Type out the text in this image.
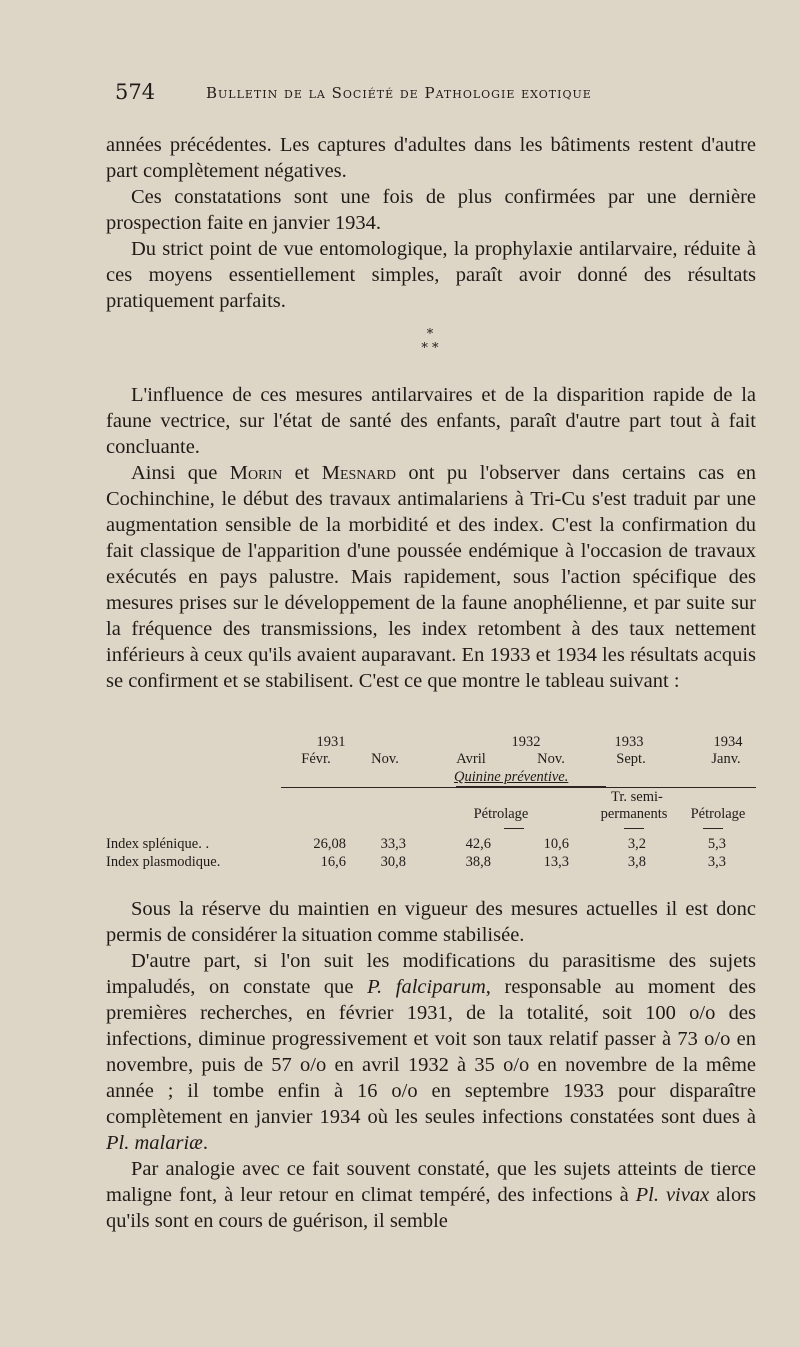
574	Bulletin de la Société de Pathologie exotique

années précédentes. Les captures d'adultes dans les bâtiments restent d'autre part complètement négatives.

Ces constatations sont une fois de plus confirmées par une dernière prospection faite en janvier 1934.

Du strict point de vue entomologique, la prophylaxie antilarvaire, réduite à ces moyens essentiellement simples, paraît avoir donné des résultats pratiquement parfaits.

*
* *

L'influence de ces mesures antilarvaires et de la disparition rapide de la faune vectrice, sur l'état de santé des enfants, paraît d'autre part tout à fait concluante.

Ainsi que Morin et Mesnard ont pu l'observer dans certains cas en Cochinchine, le début des travaux antimalariens à Tri-Cu s'est traduit par une augmentation sensible de la morbidité et des index. C'est la confirmation du fait classique de l'apparition d'une poussée endémique à l'occasion de travaux exécutés en pays palustre. Mais rapidement, sous l'action spécifique des mesures prises sur le développement de la faune anophélienne, et par suite sur la fréquence des transmissions, les index retombent à des taux nettement inférieurs à ceux qu'ils avaient auparavant. En 1933 et 1934 les résultats acquis se confirment et se stabilisent. C'est ce que montre le tableau suivant :

1931	1932	1933	1934
Févr.	Nov.	Avril	Nov.	Sept.	Janv.
Quinine préventive.
Tr. semi-
Pétrolage	permanents	Pétrolage
Index splénique. .	26,08	33,3	42,6	10,6	3,2	5,3
Index plasmodique.	16,6	30,8	38,8	13,3	3,8	3,3

Sous la réserve du maintien en vigueur des mesures actuelles il est donc permis de considérer la situation comme stabilisée.

D'autre part, si l'on suit les modifications du parasitisme des sujets impaludés, on constate que P. falciparum, responsable au moment des premières recherches, en février 1931, de la totalité, soit 100 o/o des infections, diminue progressivement et voit son taux relatif passer à 73 o/o en novembre, puis de 57 o/o en avril 1932 à 35 o/o en novembre de la même année ; il tombe enfin à 16 o/o en septembre 1933 pour disparaître complètement en janvier 1934 où les seules infections constatées sont dues à Pl. malariæ.

Par analogie avec ce fait souvent constaté, que les sujets atteints de tierce maligne font, à leur retour en climat tempéré, des infections à Pl. vivax alors qu'ils sont en cours de guérison, il semble
